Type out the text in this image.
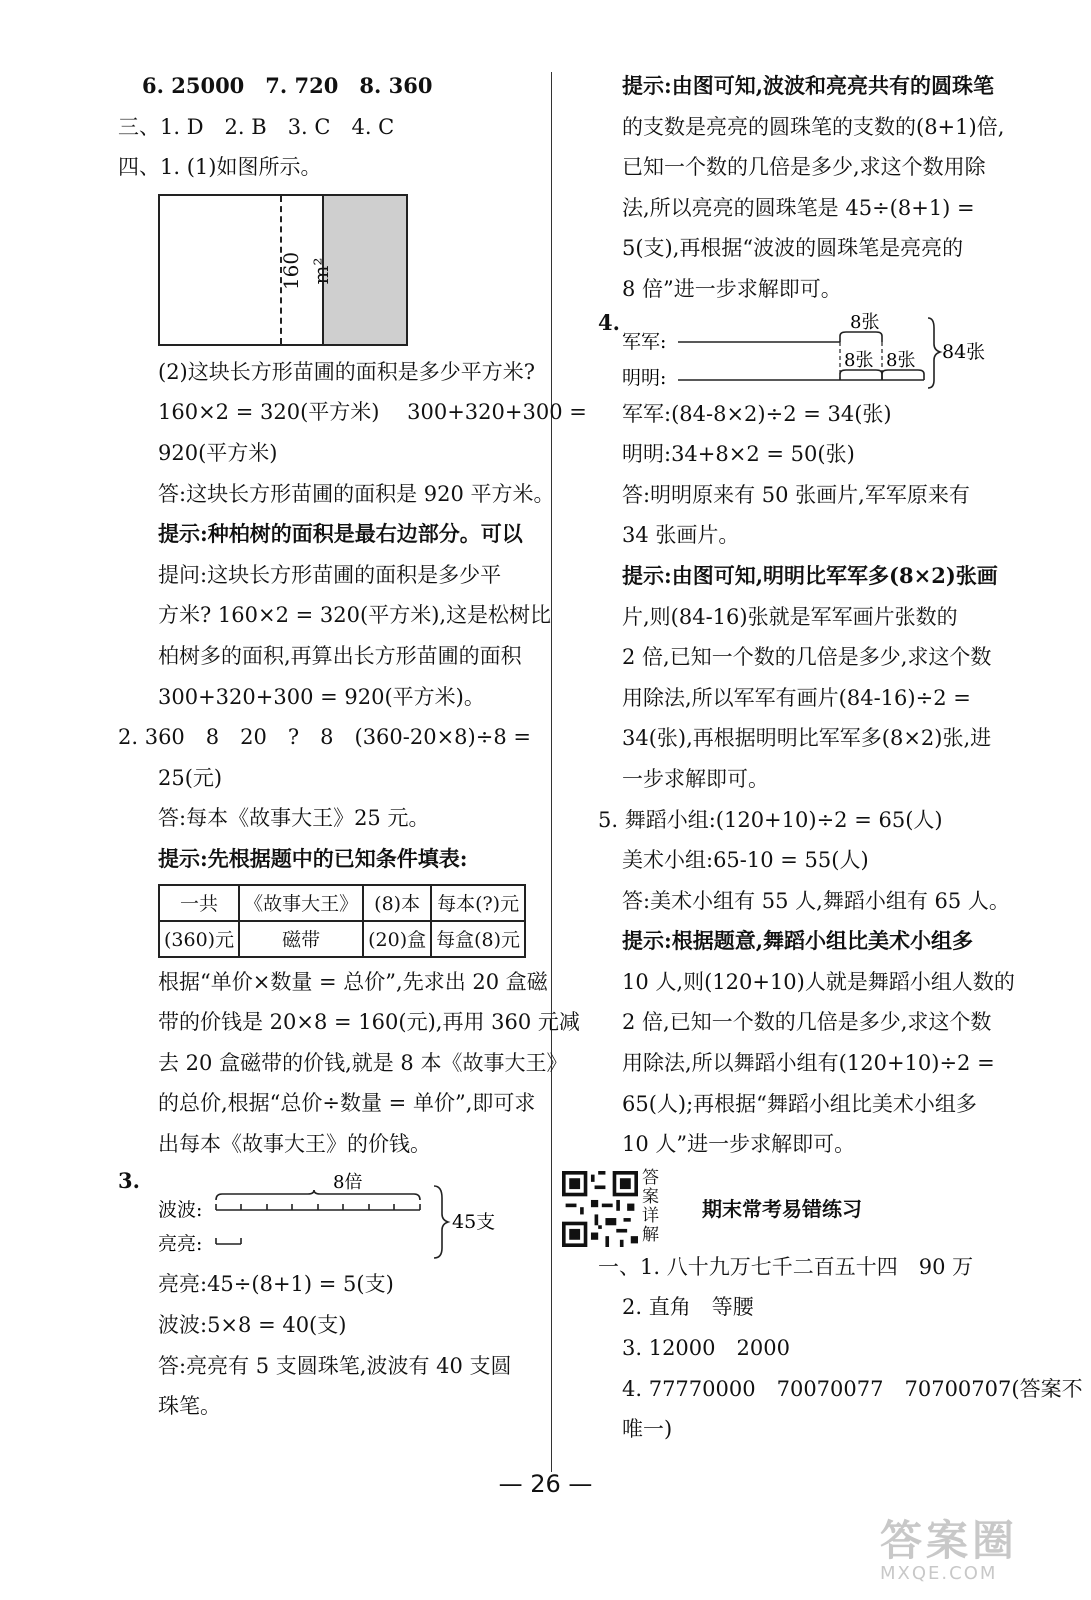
6. 25000　7. 720　8. 360
三、1. D　2. B　3. C　4. C
四、1. (1)如图所示。
160 m²
(2)这块长方形苗圃的面积是多少平方米?
160×2 = 320(平方米)　 300+320+300 =
920(平方米)
答:这块长方形苗圃的面积是 920 平方米。
提示:种柏树的面积是最右边部分。可以
提问:这块长方形苗圃的面积是多少平
方米? 160×2 = 320(平方米),这是松树比
柏树多的面积,再算出长方形苗圃的面积
300+320+300 = 920(平方米)。
2. 360　8　20　?　8　(360-20×8)÷8 =
25(元)
答:每本《故事大王》25 元。
提示:先根据题中的已知条件填表:
一共	《故事大王》	(8)本	每本(?)元
(360)元	磁带	(20)盒	每盒(8)元
根据“单价×数量 = 总价”,先求出 20 盒磁
带的价钱是 20×8 = 160(元),再用 360 元减
去 20 盒磁带的价钱,就是 8 本《故事大王》
的总价,根据“总价÷数量 = 单价”,即可求
出每本《故事大王》的价钱。
3.	8倍
波波:
亮亮:
45支
亮亮:45÷(8+1) = 5(支)
波波:5×8 = 40(支)
答:亮亮有 5 支圆珠笔,波波有 40 支圆
珠笔。
提示:由图可知,波波和亮亮共有的圆珠笔
的支数是亮亮的圆珠笔的支数的(8+1)倍,
已知一个数的几倍是多少,求这个数用除
法,所以亮亮的圆珠笔是 45÷(8+1) =
5(支),再根据“波波的圆珠笔是亮亮的
8 倍”进一步求解即可。
4.	8张
军军:
明明:
8张 8张 84张
军军:(84-8×2)÷2 = 34(张)
明明:34+8×2 = 50(张)
答:明明原来有 50 张画片,军军原来有
34 张画片。
提示:由图可知,明明比军军多(8×2)张画
片,则(84-16)张就是军军画片张数的
2 倍,已知一个数的几倍是多少,求这个数
用除法,所以军军有画片(84-16)÷2 =
34(张),再根据明明比军军多(8×2)张,进
一步求解即可。
5. 舞蹈小组:(120+10)÷2 = 65(人)
美术小组:65-10 = 55(人)
答:美术小组有 55 人,舞蹈小组有 65 人。
提示:根据题意,舞蹈小组比美术小组多
10 人,则(120+10)人就是舞蹈小组人数的
2 倍,已知一个数的几倍是多少,求这个数
用除法,所以舞蹈小组有(120+10)÷2 =
65(人);再根据“舞蹈小组比美术小组多
10 人”进一步求解即可。
答案详解
期末常考易错练习
一、1. 八十九万七千二百五十四　90 万
2. 直角　等腰
3. 12000　2000
4. 77770000　70070077　70700707(答案不
唯一)
— 26 —
答案圈
MXQE.COM
